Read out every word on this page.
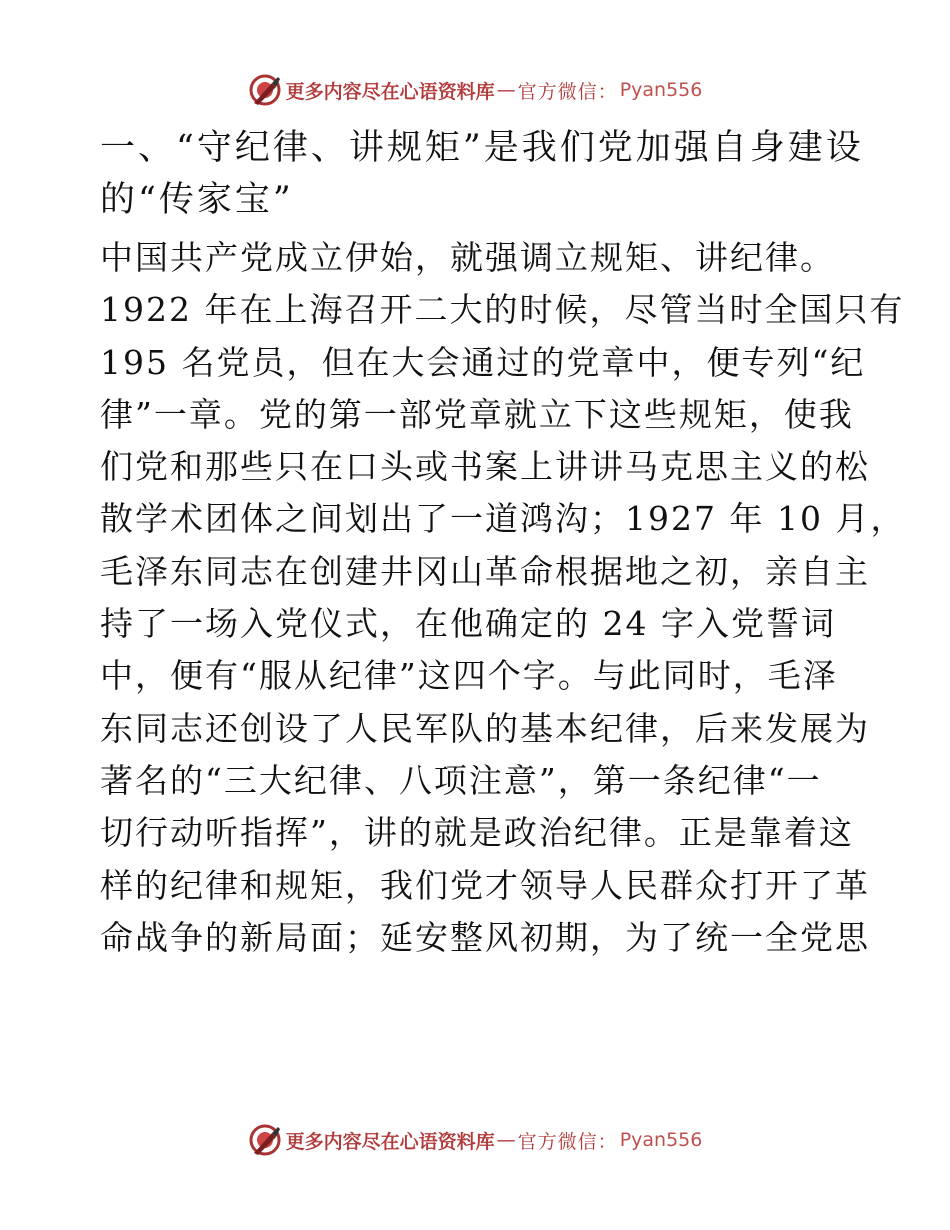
更多内容尽在心语资料库 — 官方微信： Pyan556
一、“守纪律、讲规矩”是我们党加强自身建设
的“传家宝”
中国共产党成立伊始，就强调立规矩、讲纪律。
1922 年在上海召开二大的时候，尽管当时全国只有
195 名党员，但在大会通过的党章中，便专列“纪
律”一章。党的第一部党章就立下这些规矩，使我
们党和那些只在口头或书案上讲讲马克思主义的松
散学术团体之间划出了一道鸿沟；1927 年 10 月，
毛泽东同志在创建井冈山革命根据地之初，亲自主
持了一场入党仪式，在他确定的 24 字入党誓词
中，便有“服从纪律”这四个字。与此同时，毛泽
东同志还创设了人民军队的基本纪律，后来发展为
著名的“三大纪律、八项注意”，第一条纪律“一
切行动听指挥”，讲的就是政治纪律。正是靠着这
样的纪律和规矩，我们党才领导人民群众打开了革
命战争的新局面；延安整风初期，为了统一全党思
更多内容尽在心语资料库 — 官方微信： Pyan556
